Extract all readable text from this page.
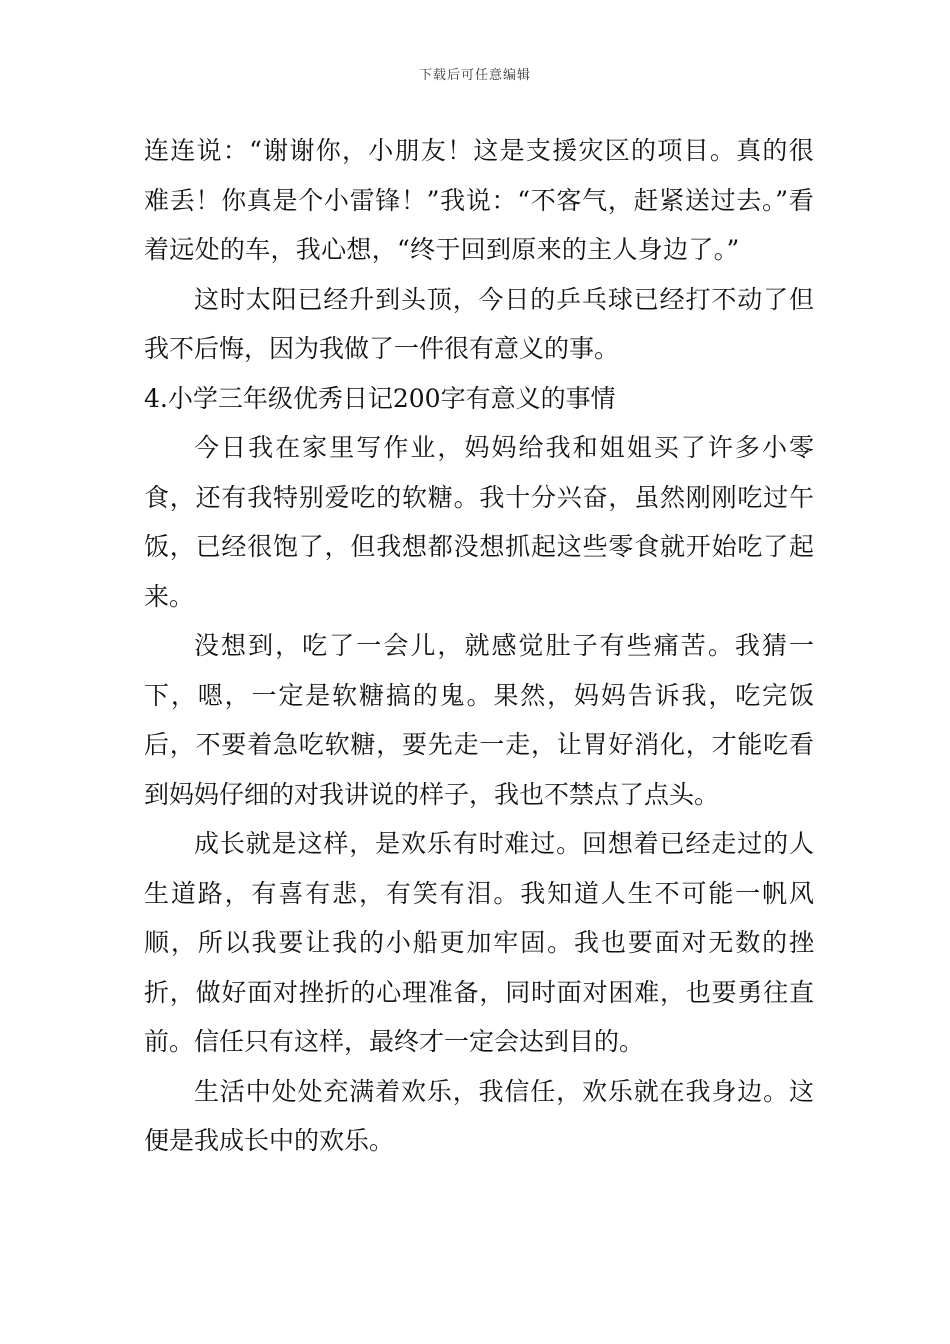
下载后可任意编辑

连连说：“谢谢你，小朋友！这是支援灾区的项目。真的很难丢！你真是个小雷锋！”我说：“不客气，赶紧送过去。”看着远处的车，我心想，“终于回到原来的主人身边了。”

这时太阳已经升到头顶，今日的乒乓球已经打不动了但我不后悔，因为我做了一件很有意义的事。

4.小学三年级优秀日记200字有意义的事情

今日我在家里写作业，妈妈给我和姐姐买了许多小零食，还有我特别爱吃的软糖。我十分兴奋，虽然刚刚吃过午饭，已经很饱了，但我想都没想抓起这些零食就开始吃了起来。

没想到，吃了一会儿，就感觉肚子有些痛苦。我猜一下，嗯，一定是软糖搞的鬼。果然，妈妈告诉我，吃完饭后，不要着急吃软糖，要先走一走，让胃好消化，才能吃看到妈妈仔细的对我讲说的样子，我也不禁点了点头。

成长就是这样，是欢乐有时难过。回想着已经走过的人生道路，有喜有悲，有笑有泪。我知道人生不可能一帆风顺，所以我要让我的小船更加牢固。我也要面对无数的挫折，做好面对挫折的心理准备，同时面对困难，也要勇往直前。信任只有这样，最终才一定会达到目的。

生活中处处充满着欢乐，我信任，欢乐就在我身边。这便是我成长中的欢乐。
